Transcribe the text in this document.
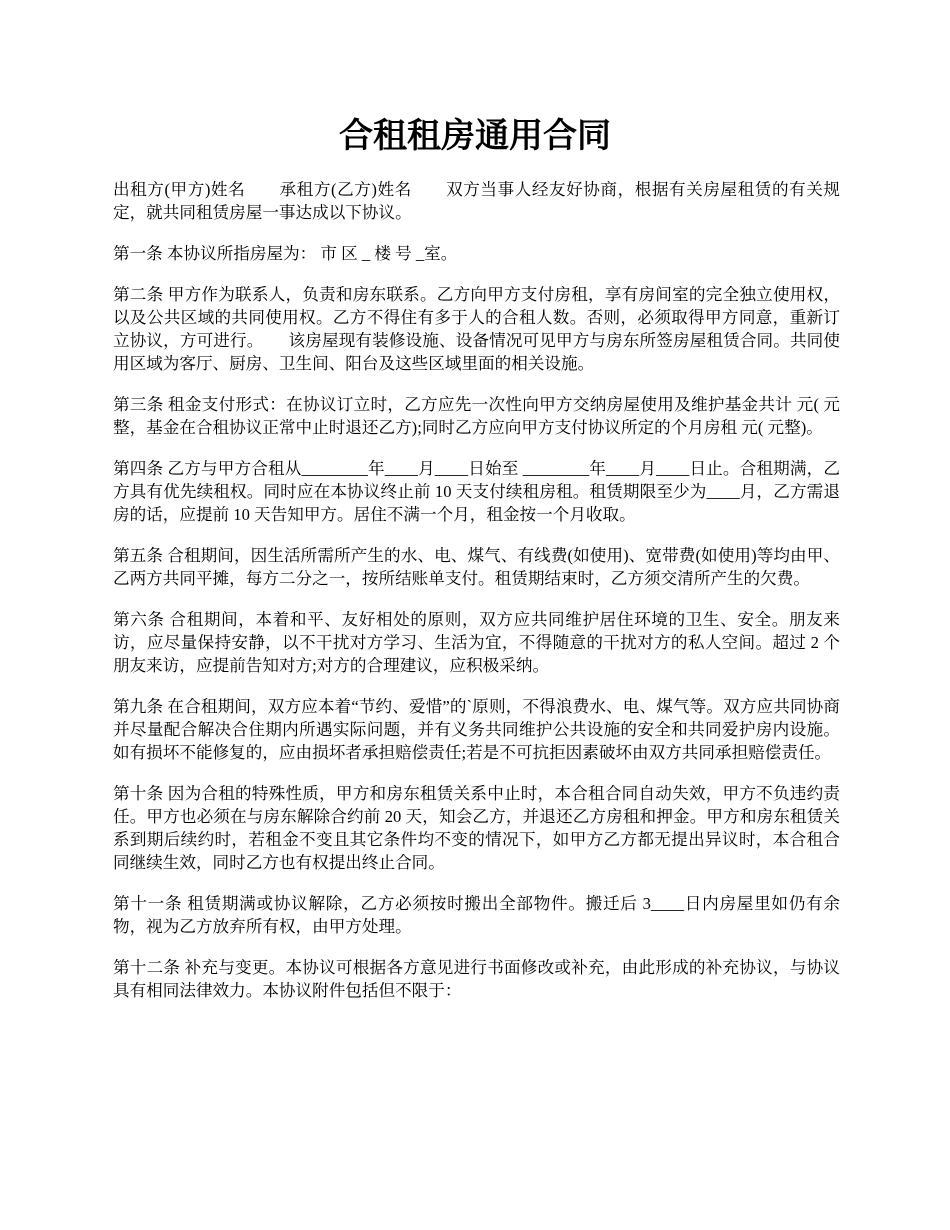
合租租房通用合同

出租方(甲方)姓名　　承租方(乙方)姓名　　双方当事人经友好协商，根据有关房屋租赁的有关规定，就共同租赁房屋一事达成以下协议。

第一条 本协议所指房屋为： 市 区 _ 楼 号 _室。

第二条 甲方作为联系人，负责和房东联系。乙方向甲方支付房租，享有房间室的完全独立使用权，以及公共区域的共同使用权。乙方不得住有多于人的合租人数。否则，必须取得甲方同意，重新订立协议，方可进行。　　该房屋现有装修设施、设备情况可见甲方与房东所签房屋租赁合同。共同使用区域为客厅、厨房、卫生间、阳台及这些区域里面的相关设施。

第三条 租金支付形式：在协议订立时，乙方应先一次性向甲方交纳房屋使用及维护基金共计 元( 元整，基金在合租协议正常中止时退还乙方);同时乙方应向甲方支付协议所定的个月房租 元( 元整)。

第四条 乙方与甲方合租从________年____月____日始至 ________年____月____日止。合租期满，乙方具有优先续租权。同时应在本协议终止前 10 天支付续租房租。租赁期限至少为____月，乙方需退房的话，应提前 10 天告知甲方。居住不满一个月，租金按一个月收取。

第五条 合租期间，因生活所需所产生的水、电、煤气、有线费(如使用)、宽带费(如使用)等均由甲、乙两方共同平摊，每方二分之一，按所结账单支付。租赁期结束时，乙方须交清所产生的欠费。

第六条 合租期间，本着和平、友好相处的原则，双方应共同维护居住环境的卫生、安全。朋友来访，应尽量保持安静，以不干扰对方学习、生活为宜，不得随意的干扰对方的私人空间。超过 2 个朋友来访，应提前告知对方;对方的合理建议，应积极采纳。

第九条 在合租期间，双方应本着“节约、爱惜”的`原则，不得浪费水、电、煤气等。双方应共同协商并尽量配合解决合住期内所遇实际问题，并有义务共同维护公共设施的安全和共同爱护房内设施。如有损坏不能修复的，应由损坏者承担赔偿责任;若是不可抗拒因素破坏由双方共同承担赔偿责任。

第十条 因为合租的特殊性质，甲方和房东租赁关系中止时，本合租合同自动失效，甲方不负违约责任。甲方也必须在与房东解除合约前 20 天，知会乙方，并退还乙方房租和押金。甲方和房东租赁关系到期后续约时，若租金不变且其它条件均不变的情况下，如甲方乙方都无提出异议时，本合租合同继续生效，同时乙方也有权提出终止合同。

第十一条 租赁期满或协议解除，乙方必须按时搬出全部物件。搬迁后 3____日内房屋里如仍有余物，视为乙方放弃所有权，由甲方处理。

第十二条 补充与变更。本协议可根据各方意见进行书面修改或补充，由此形成的补充协议，与协议具有相同法律效力。本协议附件包括但不限于：
